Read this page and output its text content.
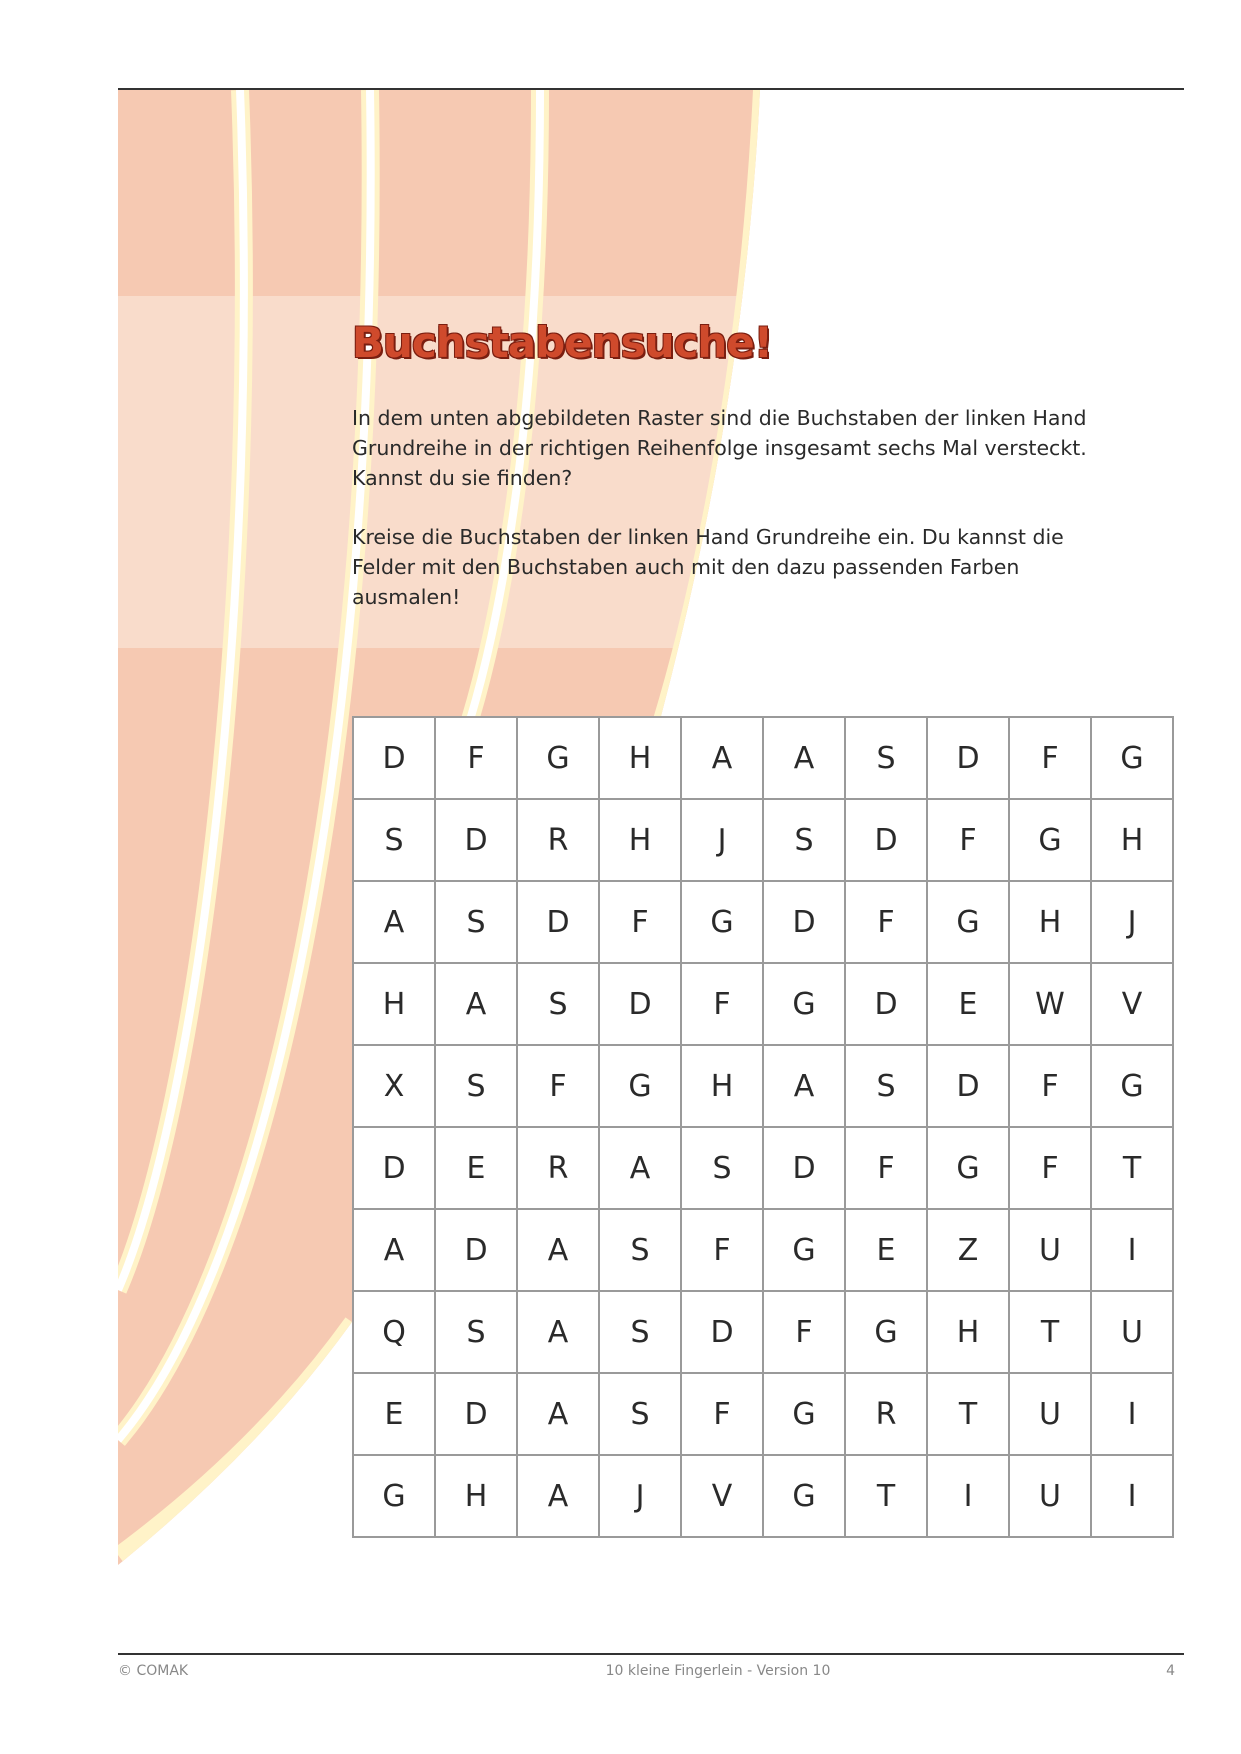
Buchstabensuche!

In dem unten abgebildeten Raster sind die Buchstaben der linken Hand Grundreihe in der richtigen Reihenfolge insgesamt sechs Mal versteckt. Kannst du sie finden?

Kreise die Buchstaben der linken Hand Grundreihe ein. Du kannst die Felder mit den Buchstaben auch mit den dazu passenden Farben ausmalen!

D	F	G	H	A	A	S	D	F	G
S	D	R	H	J	S	D	F	G	H
A	S	D	F	G	D	F	G	H	J
H	A	S	D	F	G	D	E	W	V
X	S	F	G	H	A	S	D	F	G
D	E	R	A	S	D	F	G	F	T
A	D	A	S	F	G	E	Z	U	I
Q	S	A	S	D	F	G	H	T	U
E	D	A	S	F	G	R	T	U	I
G	H	A	J	V	G	T	I	U	I
© COMAK	10 kleine Fingerlein - Version 10	4
